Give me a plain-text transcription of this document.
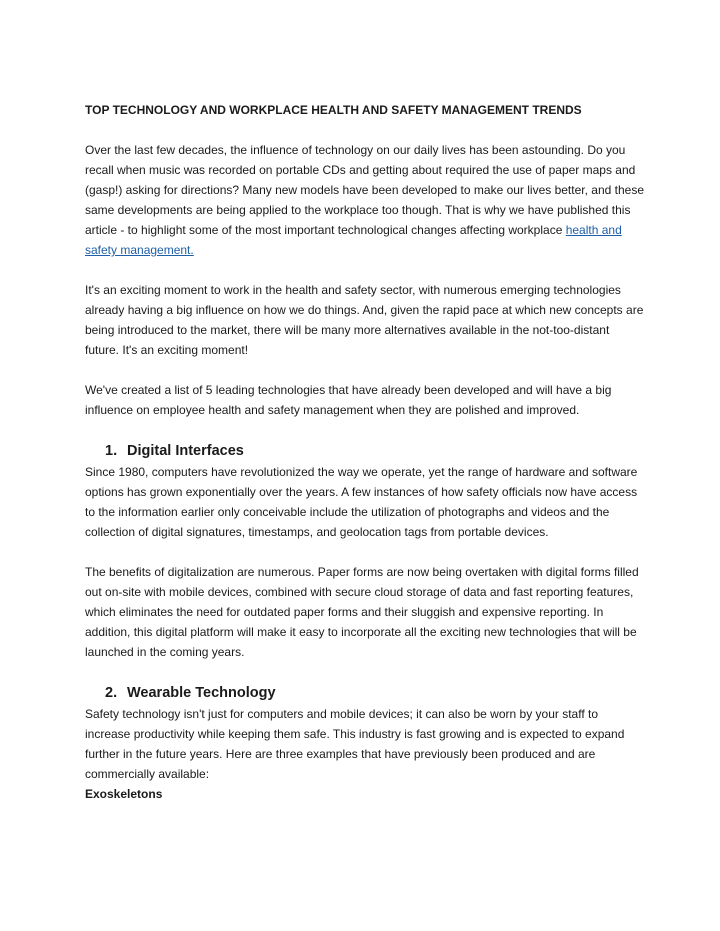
TOP TECHNOLOGY AND WORKPLACE HEALTH AND SAFETY MANAGEMENT TRENDS

Over the last few decades, the influence of technology on our daily lives has been astounding. Do you recall when music was recorded on portable CDs and getting about required the use of paper maps and (gasp!) asking for directions? Many new models have been developed to make our lives better, and these same developments are being applied to the workplace too though. That is why we have published this article - to highlight some of the most important technological changes affecting workplace health and safety management.

It's an exciting moment to work in the health and safety sector, with numerous emerging technologies already having a big influence on how we do things. And, given the rapid pace at which new concepts are being introduced to the market, there will be many more alternatives available in the not-too-distant future. It's an exciting moment!

We've created a list of 5 leading technologies that have already been developed and will have a big influence on employee health and safety management when they are polished and improved.

1. Digital Interfaces

Since 1980, computers have revolutionized the way we operate, yet the range of hardware and software options has grown exponentially over the years. A few instances of how safety officials now have access to the information earlier only conceivable include the utilization of photographs and videos and the collection of digital signatures, timestamps, and geolocation tags from portable devices.

The benefits of digitalization are numerous. Paper forms are now being overtaken with digital forms filled out on-site with mobile devices, combined with secure cloud storage of data and fast reporting features, which eliminates the need for outdated paper forms and their sluggish and expensive reporting. In addition, this digital platform will make it easy to incorporate all the exciting new technologies that will be launched in the coming years.

2. Wearable Technology

Safety technology isn't just for computers and mobile devices; it can also be worn by your staff to increase productivity while keeping them safe. This industry is fast growing and is expected to expand further in the future years. Here are three examples that have previously been produced and are commercially available:

Exoskeletons
